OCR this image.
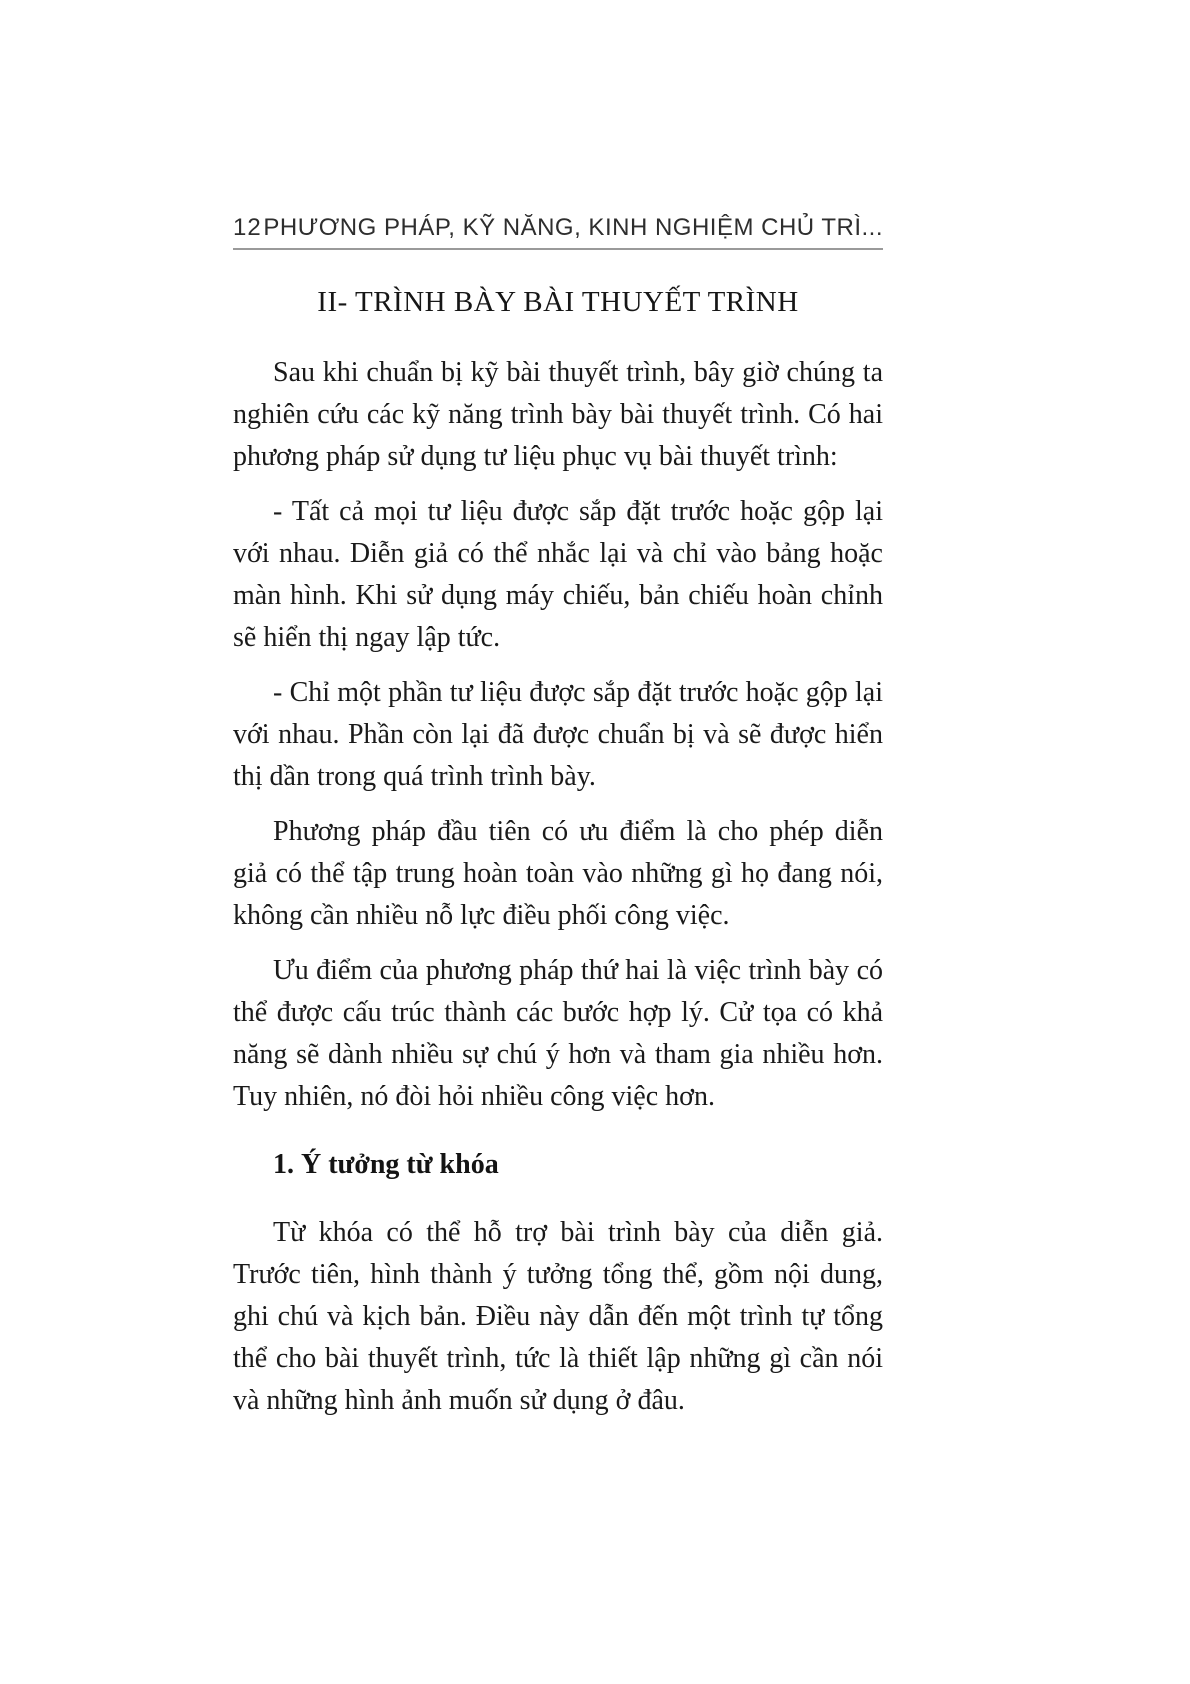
12 PHƯƠNG PHÁP, KỸ NĂNG, KINH NGHIỆM CHỦ TRÌ...
II- TRÌNH BÀY BÀI THUYẾT TRÌNH

Sau khi chuẩn bị kỹ bài thuyết trình, bây giờ chúng ta nghiên cứu các kỹ năng trình bày bài thuyết trình. Có hai phương pháp sử dụng tư liệu phục vụ bài thuyết trình:

- Tất cả mọi tư liệu được sắp đặt trước hoặc gộp lại với nhau. Diễn giả có thể nhắc lại và chỉ vào bảng hoặc màn hình. Khi sử dụng máy chiếu, bản chiếu hoàn chỉnh sẽ hiển thị ngay lập tức.

- Chỉ một phần tư liệu được sắp đặt trước hoặc gộp lại với nhau. Phần còn lại đã được chuẩn bị và sẽ được hiển thị dần trong quá trình trình bày.

Phương pháp đầu tiên có ưu điểm là cho phép diễn giả có thể tập trung hoàn toàn vào những gì họ đang nói, không cần nhiều nỗ lực điều phối công việc.

Ưu điểm của phương pháp thứ hai là việc trình bày có thể được cấu trúc thành các bước hợp lý. Cử tọa có khả năng sẽ dành nhiều sự chú ý hơn và tham gia nhiều hơn. Tuy nhiên, nó đòi hỏi nhiều công việc hơn.

1. Ý tưởng từ khóa

Từ khóa có thể hỗ trợ bài trình bày của diễn giả. Trước tiên, hình thành ý tưởng tổng thể, gồm nội dung, ghi chú và kịch bản. Điều này dẫn đến một trình tự tổng thể cho bài thuyết trình, tức là thiết lập những gì cần nói và những hình ảnh muốn sử dụng ở đâu.
